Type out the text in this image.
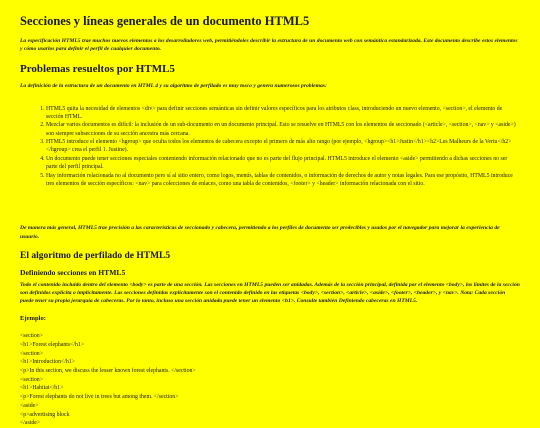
Secciones y líneas generales de un documento HTML5

La especificación HTML5 trae muchos nuevos elementos a los desarrolladores web, permitiéndoles describir la estructura de un documento web con semántica estandarizada. Este documento describe estos elementos y cómo usarlos para definir el perfil de cualquier documento.

Problemas resueltos por HTML5

La definición de la estructura de un documento en HTML 4 y su algoritmo de perfilado es muy tosco y genera numerosos problemas:

1. HTML5 quita la necesidad de elementos <div> para definir secciones semánticas sin definir valores específicos para los atributos class, introduciendo un nuevo elemento, <section>, el elemento de sección HTML.
2. Mezclar varios documentos es difícil: la inclusión de un sub-documento en un documento principal. Esto se resuelve en HTML5 con los elementos de seccionado (<article>, <section>, <nav> y <aside>) son siempre subsecciones de su sección ancestra más cercana.
3. HTML5 introduce el elemento <hgroup> que oculta todos los elementos de cabecera excepto el primero de más alto rango (por ejemplo, <hgroup><h1>Justin</h1><h2>Les Malheurs de la Vertu</h2></hgroup> crea el perfil 1. Justine).
4. Un documento puede tener secciones especiales conteniendo información relacionado que no es parte del flujo principal. HTML5 introduce el elemento <aside> permitiendo a dichas secciones no ser parte del perfil principal.
5. Hay información relacionada no al documento pero sí al sitio entero, como logos, menús, tablas de contenidos, o información de derechos de autor y notas legales. Para ese propósito, HTML5 introduce tres elementos de sección específicos: <nav> para colecciones de enlaces, como una tabla de contenidos, <footer> y <header> información relacionada con el sitio.

De manera más general, HTML5 trae precisión a las características de seccionado y cabecera, permitiendo a los perfiles de documento ser predecibles y usados por el navegador para mejorar la experiencia de usuario.

El algoritmo de perfilado de HTML5
Definiendo secciones en HTML5

Todo el contenido incluido dentro del elemento <body> es parte de una sección. Las secciones en HTML5 pueden ser anidadas. Además de la sección principal, definida por el elemento <body>, los límites de la sección son definidos explícita o implícitamente. Las secciones definidas explícitamente son el contenido definido en las etiquetas <body>, <section>, <article>, <aside>, <footer>, <header>, y <nav>. Nota: Cada sección puede tener su propia jerarquía de cabeceras. Por lo tanto, incluso una sección anidada puede tener un elemento <h1>. Consulte también Definiendo cabeceras en HTML5.

Ejemplo:
<section>
<h1>Forest elephants</h1>
<section>
<h1>Introduction</h1>
<p>In this section, we discuss the lesser known forest elephants. </section>
<section>
<h1>Habitat</h1>
<p>Forest elephants do not live in trees but among them. </section>
<aside>
<p>advertising block
</aside>
